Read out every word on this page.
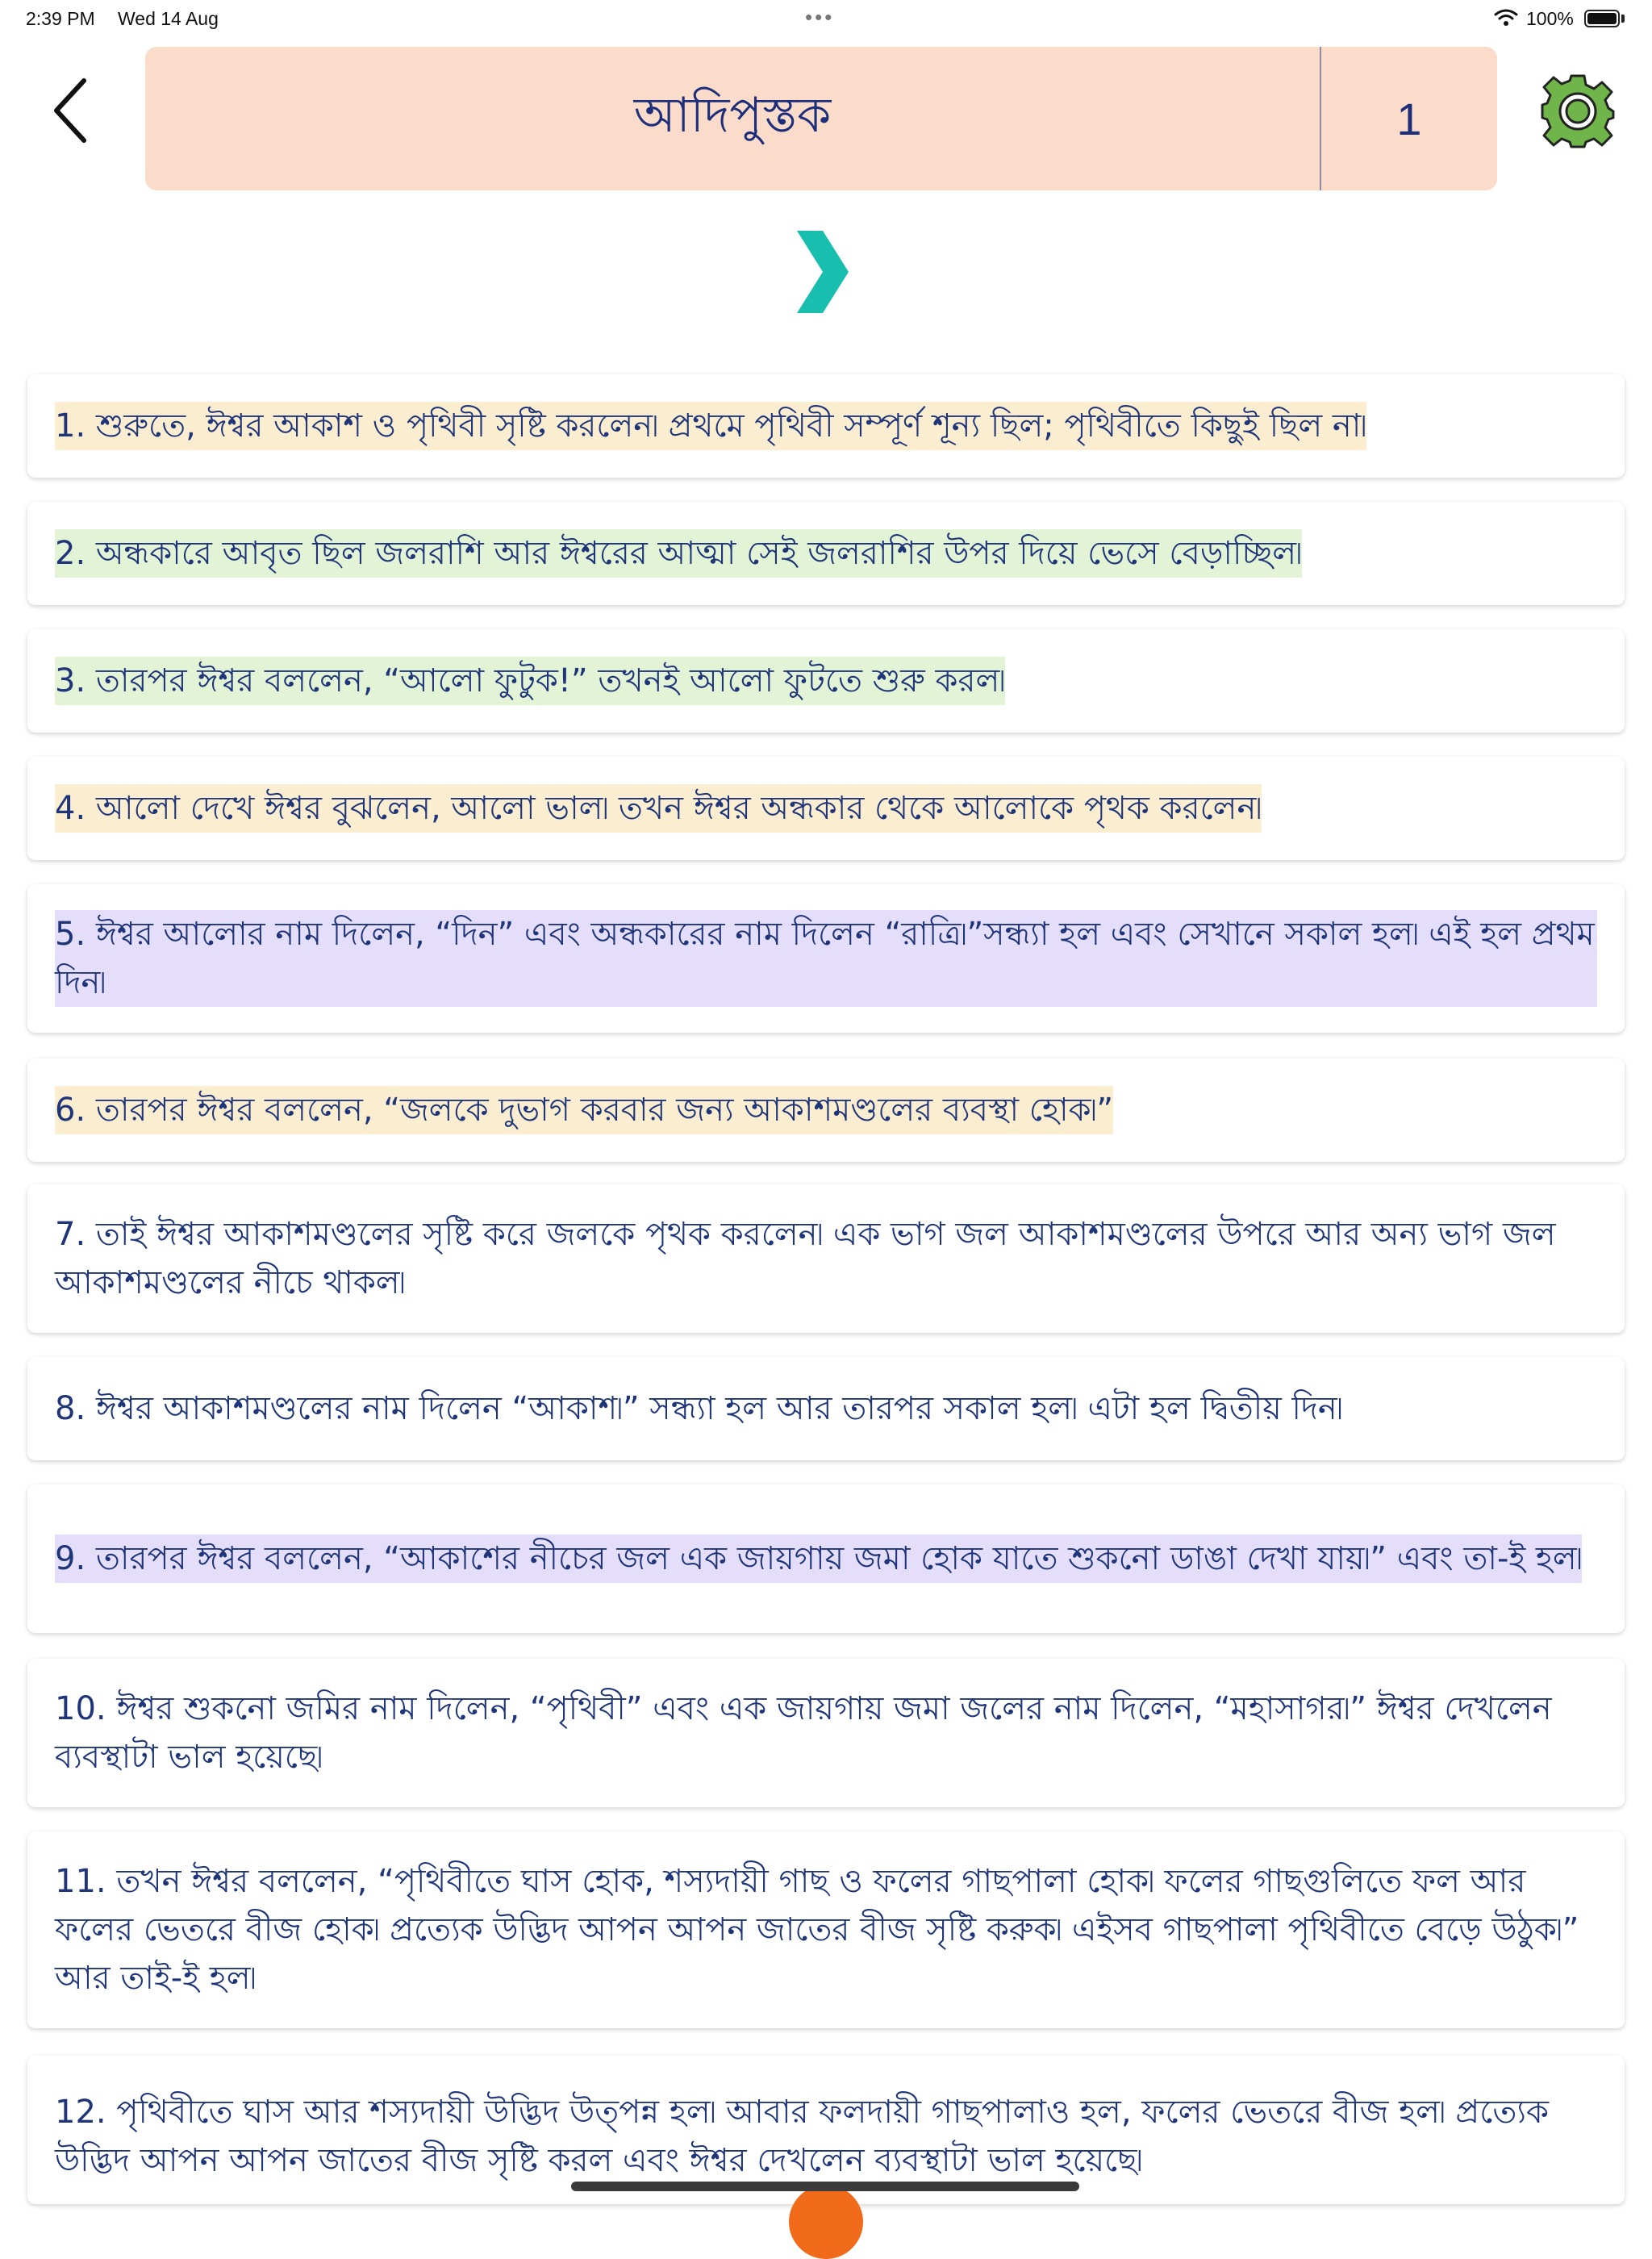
2:39 PM Wed 14 Aug	•••	100%
আদিপুস্তক	1
1. শুরুতে, ঈশ্বর আকাশ ও পৃথিবী সৃষ্টি করলেন৷ প্রথমে পৃথিবী সম্পূর্ণ শূন্য ছিল; পৃথিবীতে কিছুই ছিল না৷
2. অন্ধকারে আবৃত ছিল জলরাশি আর ঈশ্বরের আত্মা সেই জলরাশির উপর দিয়ে ভেসে বেড়াচ্ছিল৷
3. তারপর ঈশ্বর বললেন, “আলো ফুটুক!” তখনই আলো ফুটতে শুরু করল৷
4. আলো দেখে ঈশ্বর বুঝলেন, আলো ভাল৷ তখন ঈশ্বর অন্ধকার থেকে আলোকে পৃথক করলেন৷
5. ঈশ্বর আলোর নাম দিলেন, “দিন” এবং অন্ধকারের নাম দিলেন “রাত্রি৷”সন্ধ্যা হল এবং সেখানে সকাল হল৷ এই হল প্রথম দিন৷
6. তারপর ঈশ্বর বললেন, “জলকে দুভাগ করবার জন্য আকাশমণ্ডলের ব্যবস্থা হোক৷”
7. তাই ঈশ্বর আকাশমণ্ডলের সৃষ্টি করে জলকে পৃথক করলেন৷ এক ভাগ জল আকাশমণ্ডলের উপরে আর অন্য ভাগ জল আকাশমণ্ডলের নীচে থাকল৷
8. ঈশ্বর আকাশমণ্ডলের নাম দিলেন “আকাশ৷” সন্ধ্যা হল আর তারপর সকাল হল৷ এটা হল দ্বিতীয় দিন৷
9. তারপর ঈশ্বর বললেন, “আকাশের নীচের জল এক জায়গায় জমা হোক যাতে শুকনো ডাঙা দেখা যায়৷” এবং তা-ই হল৷
10. ঈশ্বর শুকনো জমির নাম দিলেন, “পৃথিবী” এবং এক জায়গায় জমা জলের নাম দিলেন, “মহাসাগর৷” ঈশ্বর দেখলেন ব্যবস্থাটা ভাল হয়েছে৷
11. তখন ঈশ্বর বললেন, “পৃথিবীতে ঘাস হোক, শস্যদায়ী গাছ ও ফলের গাছপালা হোক৷ ফলের গাছগুলিতে ফল আর ফলের ভেতরে বীজ হোক৷ প্রত্যেক উদ্ভিদ আপন আপন জাতের বীজ সৃষ্টি করুক৷ এইসব গাছপালা পৃথিবীতে বেড়ে উঠুক৷” আর তাই-ই হল৷
12. পৃথিবীতে ঘাস আর শস্যদায়ী উদ্ভিদ উত্পন্ন হল৷ আবার ফলদায়ী গাছপালাও হল, ফলের ভেতরে বীজ হল৷ প্রত্যেক উদ্ভিদ আপন আপন জাতের বীজ সৃষ্টি করল এবং ঈশ্বর দেখলেন ব্যবস্থাটা ভাল হয়েছে৷
